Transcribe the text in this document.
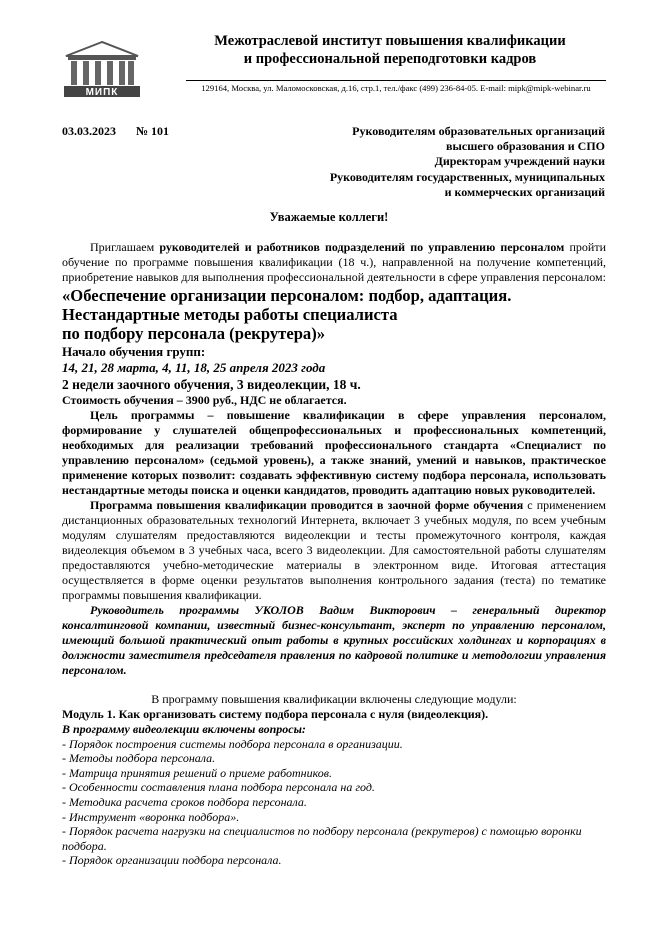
МИПК
Межотраслевой институт повышения квалификации
и профессиональной переподготовки кадров
129164, Москва, ул. Маломосковская, д.16, стр.1, тел./факс (499) 236-84-05. E-mail: mipk@mipk-webinar.ru
03.03.2023 № 101	Руководителям образовательных организаций
высшего образования и СПО
Директорам учреждений науки
Руководителям государственных, муниципальных
и коммерческих организаций
Уважаемые коллеги!

Приглашаем руководителей и работников подразделений по управлению персоналом пройти обучение по программе повышения квалификации (18 ч.), направленной на получение компетенций, приобретение навыков для выполнения профессиональной деятельности в сфере управления персоналом:

«Обеспечение организации персоналом: подбор, адаптация.
Нестандартные методы работы специалиста
по подбору персонала (рекрутера)»

Начало обучения групп:

14, 21, 28 марта, 4, 11, 18, 25 апреля 2023 года

2 недели заочного обучения, 3 видеолекции, 18 ч.

Стоимость обучения – 3900 руб., НДС не облагается.

Цель программы – повышение квалификации в сфере управления персоналом, формирование у слушателей общепрофессиональных и профессиональных компетенций, необходимых для реализации требований профессионального стандарта «Специалист по управлению персоналом» (седьмой уровень), а также знаний, умений и навыков, практическое применение которых позволит: создавать эффективную систему подбора персонала, использовать нестандартные методы поиска и оценки кандидатов, проводить адаптацию новых руководителей.

Программа повышения квалификации проводится в заочной форме обучения с применением дистанционных образовательных технологий Интернета, включает 3 учебных модуля, по всем учебным модулям слушателям предоставляются видеолекции и тесты промежуточного контроля, каждая видеолекция объемом в 3 учебных часа, всего 3 видеолекции. Для самостоятельной работы слушателям предоставляются учебно-методические материалы в электронном виде. Итоговая аттестация осуществляется в форме оценки результатов выполнения контрольного задания (теста) по тематике программы повышения квалификации.

Руководитель программы УКОЛОВ Вадим Викторович – генеральный директор консалтинговой компании, известный бизнес-консультант, эксперт по управлению персоналом, имеющий большой практический опыт работы в крупных российских холдингах и корпорациях в должности заместителя председателя правления по кадровой политике и методологии управления персоналом.

В программу повышения квалификации включены следующие модули:

Модуль 1. Как организовать систему подбора персонала с нуля (видеолекция).

В программу видеолекции включены вопросы:

- Порядок построения системы подбора персонала в организации.
- Методы подбора персонала.
- Матрица принятия решений о приеме работников.
- Особенности составления плана подбора персонала на год.
- Методика расчета сроков подбора персонала.
- Инструмент «воронка подбора».
- Порядок расчета нагрузки на специалистов по подбору персонала (рекрутеров) с помощью воронки подбора.
- Порядок организации подбора персонала.
